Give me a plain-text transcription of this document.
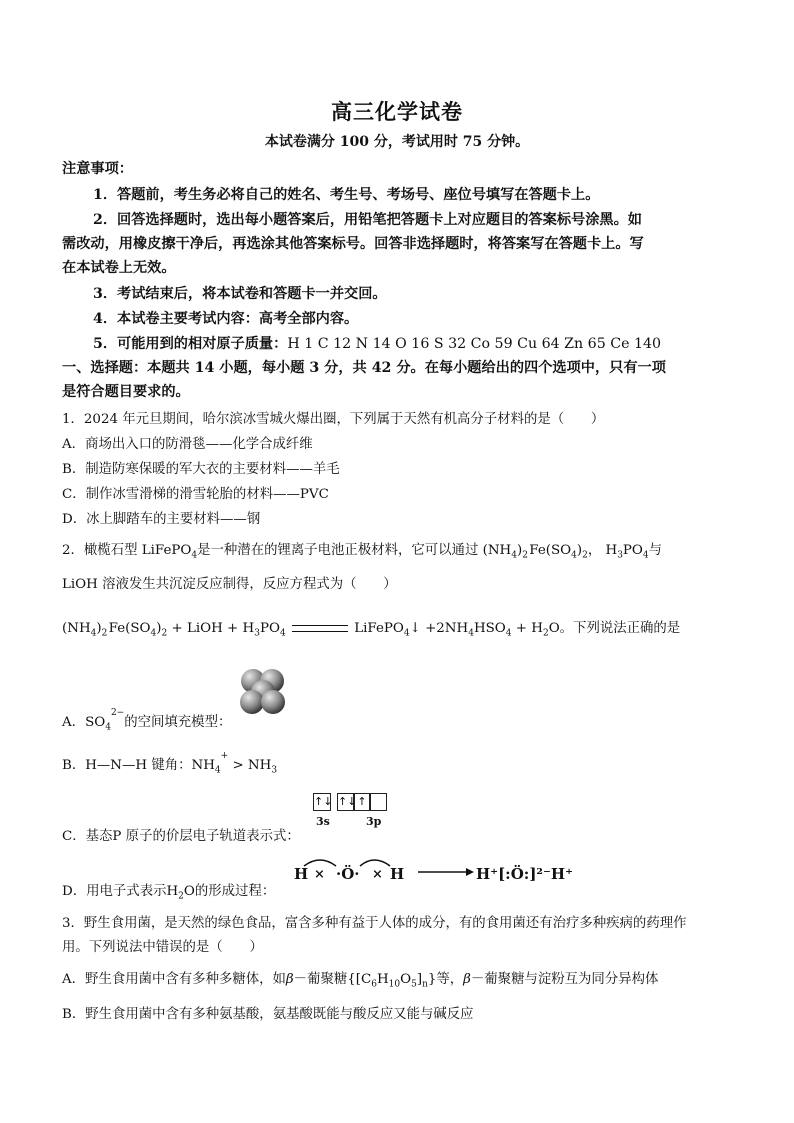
高三化学试卷
本试卷满分 100 分，考试用时 75 分钟。
注意事项：
1．答题前，考生务必将自己的姓名、考生号、考场号、座位号填写在答题卡上。
2．回答选择题时，选出每小题答案后，用铅笔把答题卡上对应题目的答案标号涂黑。如
需改动，用橡皮擦干净后，再选涂其他答案标号。回答非选择题时，将答案写在答题卡上。写
在本试卷上无效。
3．考试结束后，将本试卷和答题卡一并交回。
4．本试卷主要考试内容：高考全部内容。
5．可能用到的相对原子质量：H 1 C 12 N 14 O 16 S 32 Co 59 Cu 64 Zn 65 Ce 140
一、选择题：本题共 14 小题，每小题 3 分，共 42 分。在每小题给出的四个选项中，只有一项
是符合题目要求的。
1．2024 年元旦期间，哈尔滨冰雪城火爆出圈，下列属于天然有机高分子材料的是（　　）
A．商场出入口的防滑毯——化学合成纤维
B．制造防寒保暖的军大衣的主要材料——羊毛
C．制作冰雪滑梯的滑雪轮胎的材料——PVC
D．冰上脚踏车的主要材料——钢
2．橄榄石型 LiFePO$_4$是一种潜在的锂离子电池正极材料，它可以通过 $(NH_4)_2$ $Fe(SO_4)_2$， $H_3PO_4$与
LiOH 溶液发生共沉淀反应制得，反应方程式为（　　）
$(NH_4)_2$ $Fe(SO_4)_2$ + LiOH + $H_3PO_4$	LiFePO$_4$↓ $+2NH_4HSO_4 + H_2O$。下列说法正确的是
A．$SO_4^{2-}$的空间填充模型：
B．H—N—H 键角：$NH_4^+ > NH_3$
↑↓ ↑↓ ↑
3s	3p
C．基态P 原子的价层电子轨道表示式：
D．用电子式表示$H_2O$的形成过程：
H × ·Ö· × H	H⁺[:Ö:]²⁻H⁺
3．野生食用菌，是天然的绿色食品，富含多种有益于人体的成分，有的食用菌还有治疗多种疾病的药理作
用。下列说法中错误的是（　　）
A．野生食用菌中含有多种多糖体，如β－葡聚糖$\{[C_6H_{10}O_5]_n\}$等，β－葡聚糖与淀粉互为同分异构体
B．野生食用菌中含有多种氨基酸，氨基酸既能与酸反应又能与碱反应
